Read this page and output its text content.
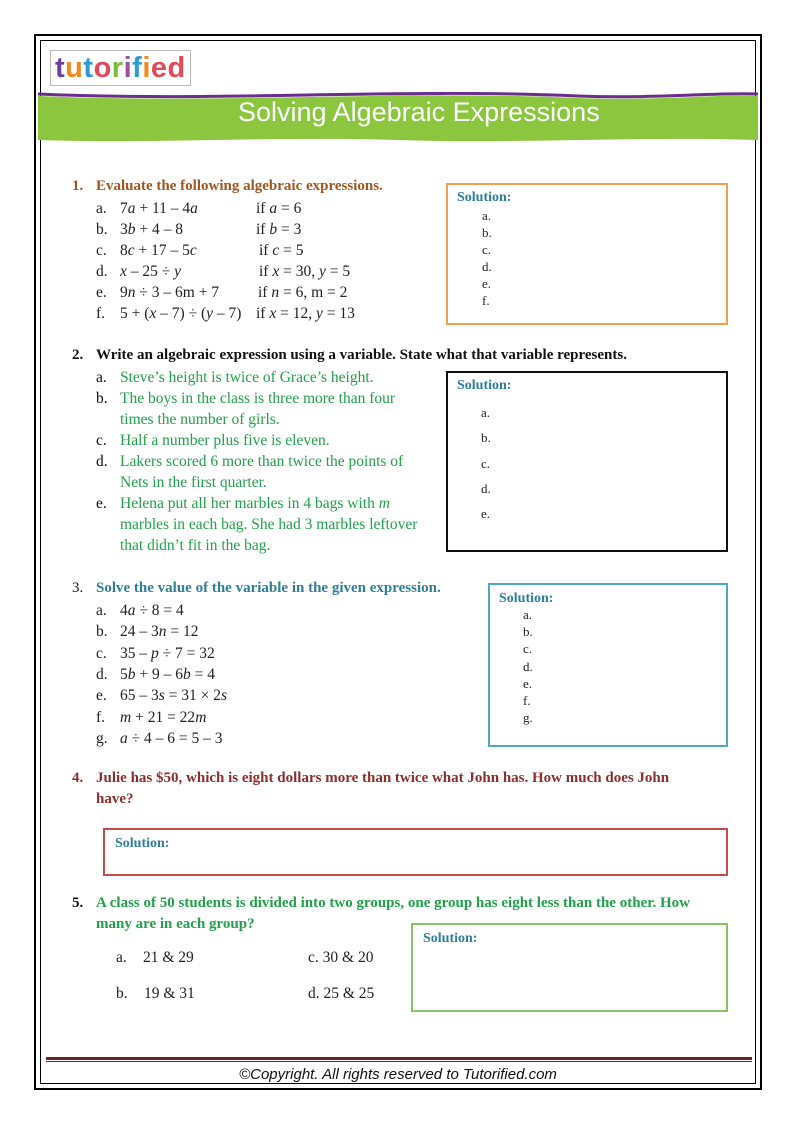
tutorified
Solving Algebraic Expressions
1. Evaluate the following algebraic expressions.
a. 7a + 11 – 4a	if a = 6
b. 3b + 4 – 8	if b = 3
c. 8c + 17 – 5c	if c = 5
d. x – 25 ÷ y	if x = 30, y = 5
e. 9n ÷ 3 – 6m + 7	if n = 6, m = 2
f. 5 + (x – 7) ÷ (y – 7) if x = 12, y = 13
Solution:
a.
b.
c.
d.
e.
f.
2. Write an algebraic expression using a variable. State what that variable represents.
a. Steve’s height is twice of Grace’s height.
b. The boys in the class is three more than four
times the number of girls.
c. Half a number plus five is eleven.
d. Lakers scored 6 more than twice the points of
Nets in the first quarter.
e. Helena put all her marbles in 4 bags with m
marbles in each bag. She had 3 marbles leftover
that didn’t fit in the bag.
Solution:
a.
b.
c.
d.
e.
3. Solve the value of the variable in the given expression.
a. 4a ÷ 8 = 4
b. 24 – 3n = 12
c. 35 – p ÷ 7 = 32
d. 5b + 9 – 6b = 4
e. 65 – 3s = 31 × 2s
f. m + 21 = 22m
g. a ÷ 4 – 6 = 5 – 3
Solution:
a.
b.
c.
d.
e.
f.
g.
4. Julie has $50, which is eight dollars more than twice what John has. How much does John
have?
Solution:
5. A class of 50 students is divided into two groups, one group has eight less than the other. How
many are in each group?
a. 21 & 29	c. 30 & 20
b. 19 & 31	d. 25 & 25
Solution:
©Copyright. All rights reserved to Tutorified.com
